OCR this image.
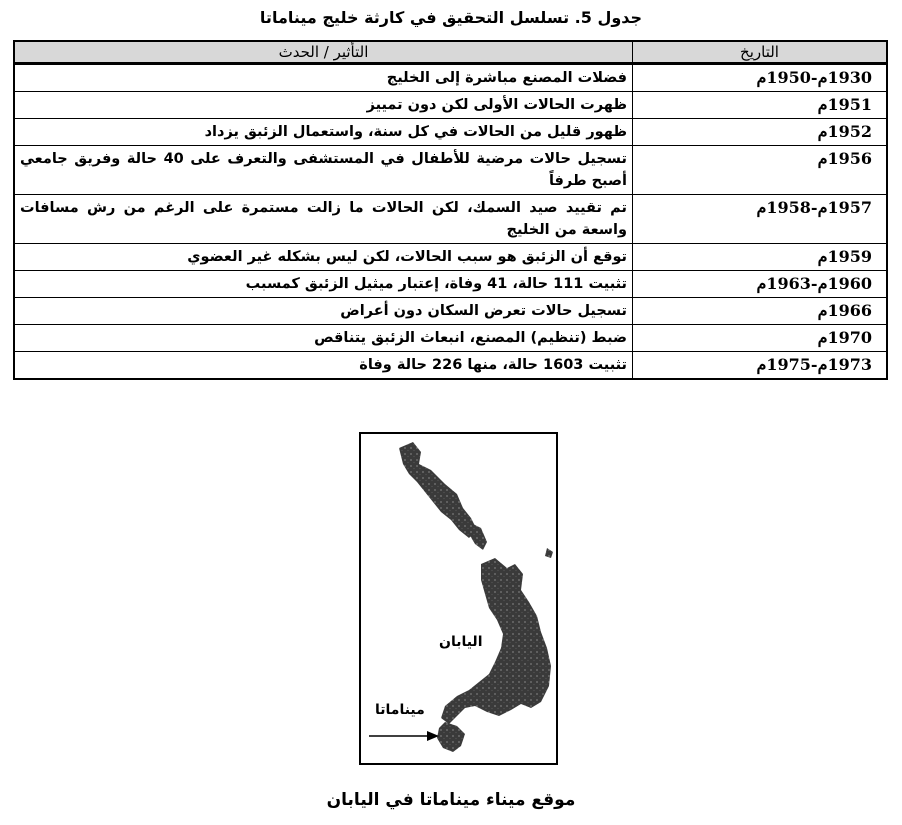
جدول 5. تسلسل التحقيق في كارثة خليج ميناماتا
التاريخ	التأثير / الحدث
1930م-1950م	فضلات المصنع مباشرة إلى الخليج
1951م	ظهرت الحالات الأولى لكن دون تمييز
1952م	ظهور قليل من الحالات في كل سنة، واستعمال الزئبق يزداد
1956م	تسجيل حالات مرضية للأطفال في المستشفى والتعرف على 40 حالة وفريق جامعي أصبح طرفاً
1957م-1958م	تم تقييد صيد السمك، لكن الحالات ما زالت مستمرة على الرغم من رش مسافات واسعة من الخليج
1959م	توقع أن الزئبق هو سبب الحالات، لكن ليس بشكله غير العضوي
1960م-1963م	تثبيت 111 حالة، 41 وفاة، إعتبار ميثيل الزئبق كمسبب
1966م	تسجيل حالات تعرض السكان دون أعراض
1970م	ضبط (تنظيم) المصنع، انبعاث الزئبق يتناقص
1973م-1975م	تثبيت 1603 حالة، منها 226 حالة وفاة
اليابان
ميناماتا
موقع ميناء ميناماتا في اليابان
